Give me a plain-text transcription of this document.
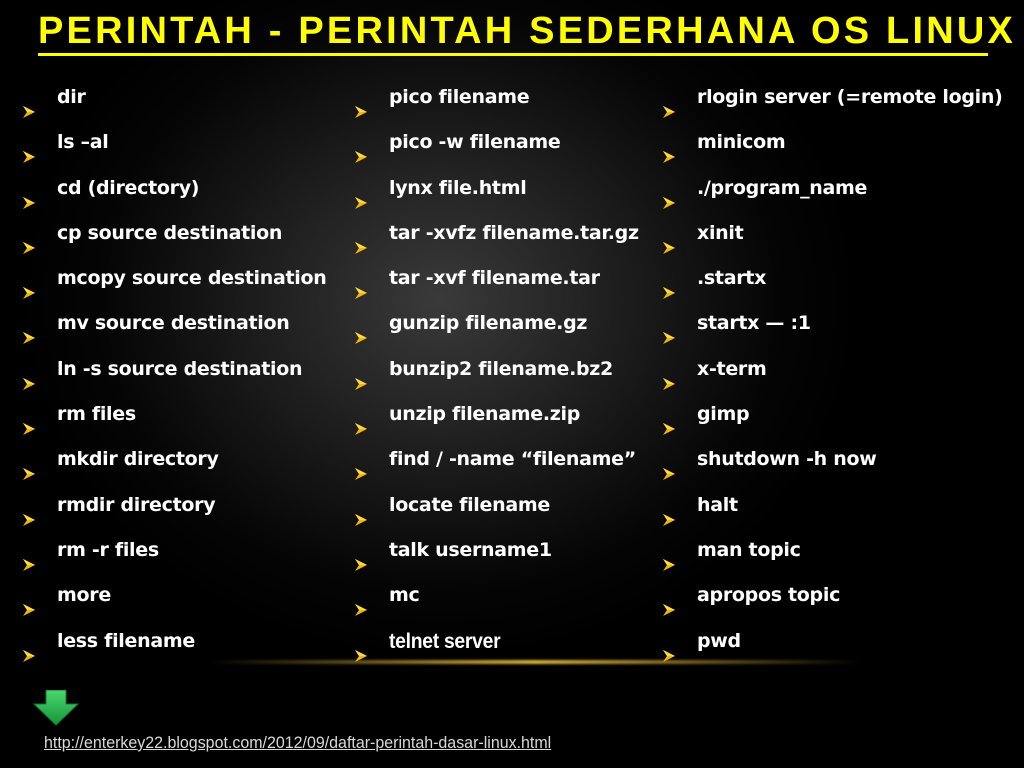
PERINTAH - PERINTAH SEDERHANA OS LINUX
dir
ls –al
cd (directory)
cp source destination
mcopy source destination
mv source destination
ln -s source destination
rm files
mkdir directory
rmdir directory
rm -r files
more
less filename
pico filename
pico -w filename
lynx file.html
tar -xvfz filename.tar.gz
tar -xvf filename.tar
gunzip filename.gz
bunzip2 filename.bz2
unzip filename.zip
find / -name “filename”
locate filename
talk username1
mc
telnet server
rlogin server (=remote login)
minicom
./program_name
xinit
.startx
startx — :1
x-term
gimp
shutdown -h now
halt
man topic
apropos topic
pwd
http://enterkey22.blogspot.com/2012/09/daftar-perintah-dasar-linux.html
